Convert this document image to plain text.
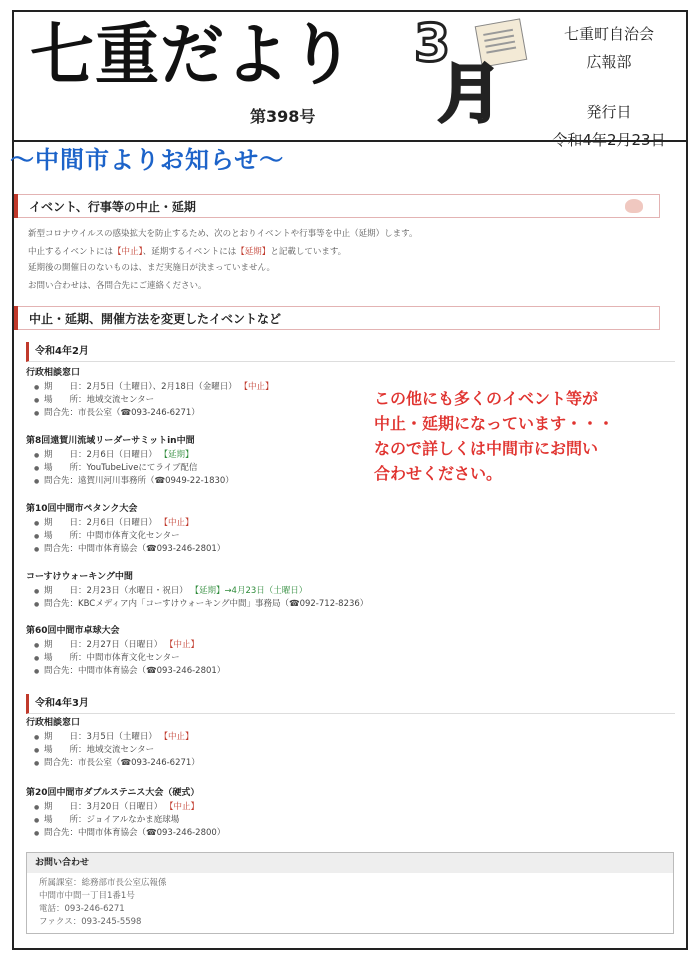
七重だより
第398号
3
月
七重町自治会
広報部
発行日
令和4年2月23日
〜中間市よりお知らせ〜
イベント、行事等の中止・延期

新型コロナウイルスの感染拡大を防止するため、次のとおりイベントや行事等を中止（延期）します。

中止するイベントには【中止】、延期するイベントには【延期】と記載しています。

延期後の開催日のないものは、まだ実施日が決まっていません。

お問い合わせは、各問合先にご連絡ください。

中止・延期、開催方法を変更したイベントなど
令和4年2月
行政相談窓口
● 期　　日：2月5日（土曜日）、2月18日（金曜日） 【中止】
● 場　　所：地域交流センター
● 問合先：市長公室（☎093-246-6271）
第8回遠賀川流域リーダーサミットin中間
● 期　　日：2月6日（日曜日） 【延期】
● 場　　所：YouTubeLiveにてライブ配信
● 問合先：遠賀川河川事務所（☎0949-22-1830）
第10回中間市ペタンク大会
● 期　　日：2月6日（日曜日） 【中止】
● 場　　所：中間市体育文化センター
● 問合先：中間市体育協会（☎093-246-2801）
コーすけウォーキング中間
● 期　　日：2月23日（水曜日・祝日） 【延期】→4月23日（土曜日）
● 問合先：KBCメディア内「コーすけウォーキング中間」事務局（☎092-712-8236）
第60回中間市卓球大会
● 期　　日：2月27日（日曜日） 【中止】
● 場　　所：中間市体育文化センター
● 問合先：中間市体育協会（☎093-246-2801）
令和4年3月
行政相談窓口
● 期　　日：3月5日（土曜日） 【中止】
● 場　　所：地域交流センター
● 問合先：市長公室（☎093-246-6271）
第20回中間市ダブルステニス大会（硬式）
● 期　　日：3月20日（日曜日） 【中止】
● 場　　所：ジョイアルなかま庭球場
● 問合先：中間市体育協会（☎093-246-2800）
この他にも多くのイベント等が
中止・延期になっています・・・
なので詳しくは中間市にお問い
合わせください。
お問い合わせ
所属課室：総務部市長公室広報係
中間市中間一丁目1番1号
電話：093-246-6271
ファクス：093-245-5598
